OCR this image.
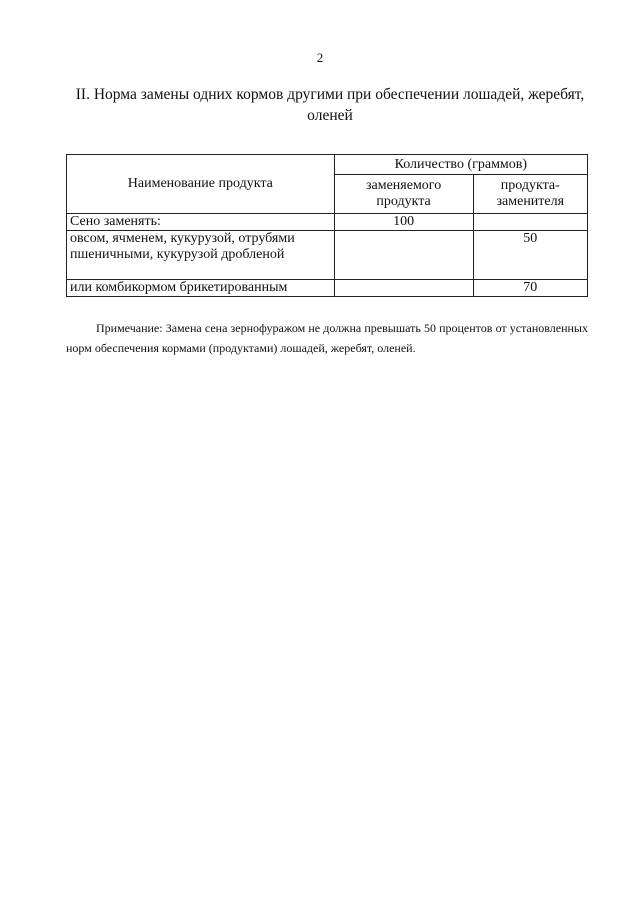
2
II. Норма замены одних кормов другими при обеспечении лошадей, жеребят,
оленей
Наименование продукта	Количество (граммов)	
	заменяемого продукта	продукта-заменителя
Сено заменять:	100	
овсом, ячменем, кукурузой, отрубями пшеничными, кукурузой дробленой		50
или комбикормом брикетированным		70
Примечание: Замена сена зернофуражом не должна превышать 50 процентов от установленных норм обеспечения кормами (продуктами) лошадей, жеребят, оленей.
